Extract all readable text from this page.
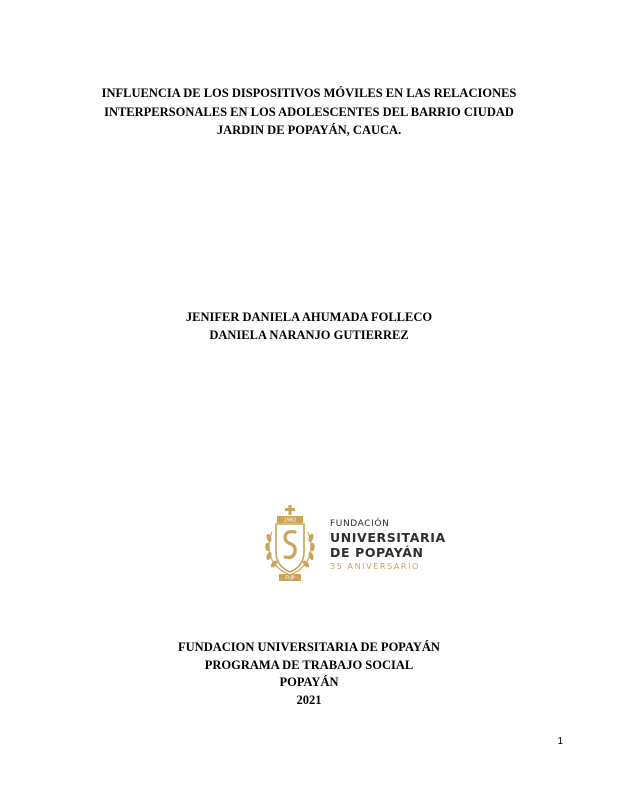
INFLUENCIA DE LOS DISPOSITIVOS MÓVILES EN LAS RELACIONES
INTERPERSONALES EN LOS ADOLESCENTES DEL BARRIO CIUDAD
JARDIN DE POPAYÁN, CAUCA.
JENIFER DANIELA AHUMADA FOLLECO
DANIELA NARANJO GUTIERREZ
1982
FUP
FUNDACIÓN
UNIVERSITARIA
DE POPAYÁN
35 ANIVERSARIO
FUNDACION UNIVERSITARIA DE POPAYÁN
PROGRAMA DE TRABAJO SOCIAL
POPAYÁN
2021
1
